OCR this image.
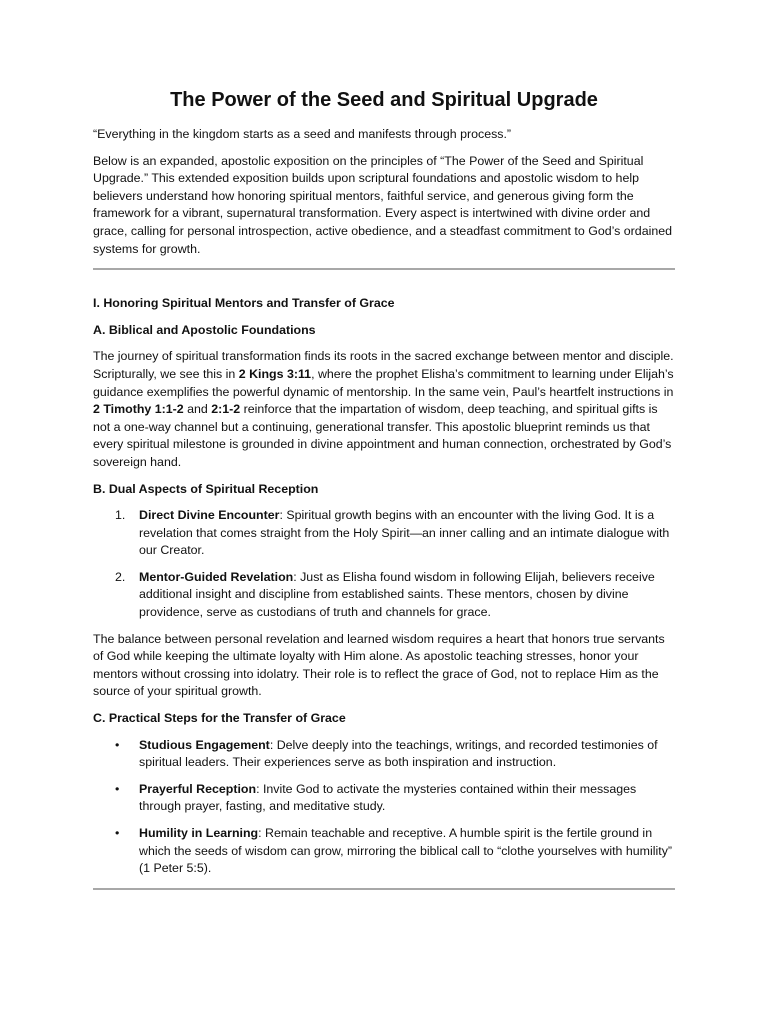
The Power of the Seed and Spiritual Upgrade

“Everything in the kingdom starts as a seed and manifests through process.”

Below is an expanded, apostolic exposition on the principles of “The Power of the Seed and Spiritual Upgrade.” This extended exposition builds upon scriptural foundations and apostolic wisdom to help believers understand how honoring spiritual mentors, faithful service, and generous giving form the framework for a vibrant, supernatural transformation. Every aspect is intertwined with divine order and grace, calling for personal introspection, active obedience, and a steadfast commitment to God’s ordained systems for growth.

I. Honoring Spiritual Mentors and Transfer of Grace

A. Biblical and Apostolic Foundations

The journey of spiritual transformation finds its roots in the sacred exchange between mentor and disciple. Scripturally, we see this in 2 Kings 3:11, where the prophet Elisha’s commitment to learning under Elijah’s guidance exemplifies the powerful dynamic of mentorship. In the same vein, Paul’s heartfelt instructions in 2 Timothy 1:1-2 and 2:1-2 reinforce that the impartation of wisdom, deep teaching, and spiritual gifts is not a one-way channel but a continuing, generational transfer. This apostolic blueprint reminds us that every spiritual milestone is grounded in divine appointment and human connection, orchestrated by God’s sovereign hand.

B. Dual Aspects of Spiritual Reception

1. Direct Divine Encounter: Spiritual growth begins with an encounter with the living God. It is a revelation that comes straight from the Holy Spirit—an inner calling and an intimate dialogue with our Creator.
2. Mentor-Guided Revelation: Just as Elisha found wisdom in following Elijah, believers receive additional insight and discipline from established saints. These mentors, chosen by divine providence, serve as custodians of truth and channels for grace.

The balance between personal revelation and learned wisdom requires a heart that honors true servants of God while keeping the ultimate loyalty with Him alone. As apostolic teaching stresses, honor your mentors without crossing into idolatry. Their role is to reflect the grace of God, not to replace Him as the source of your spiritual growth.

C. Practical Steps for the Transfer of Grace

• Studious Engagement: Delve deeply into the teachings, writings, and recorded testimonies of spiritual leaders. Their experiences serve as both inspiration and instruction.
• Prayerful Reception: Invite God to activate the mysteries contained within their messages through prayer, fasting, and meditative study.
• Humility in Learning: Remain teachable and receptive. A humble spirit is the fertile ground in which the seeds of wisdom can grow, mirroring the biblical call to “clothe yourselves with humility” (1 Peter 5:5).
